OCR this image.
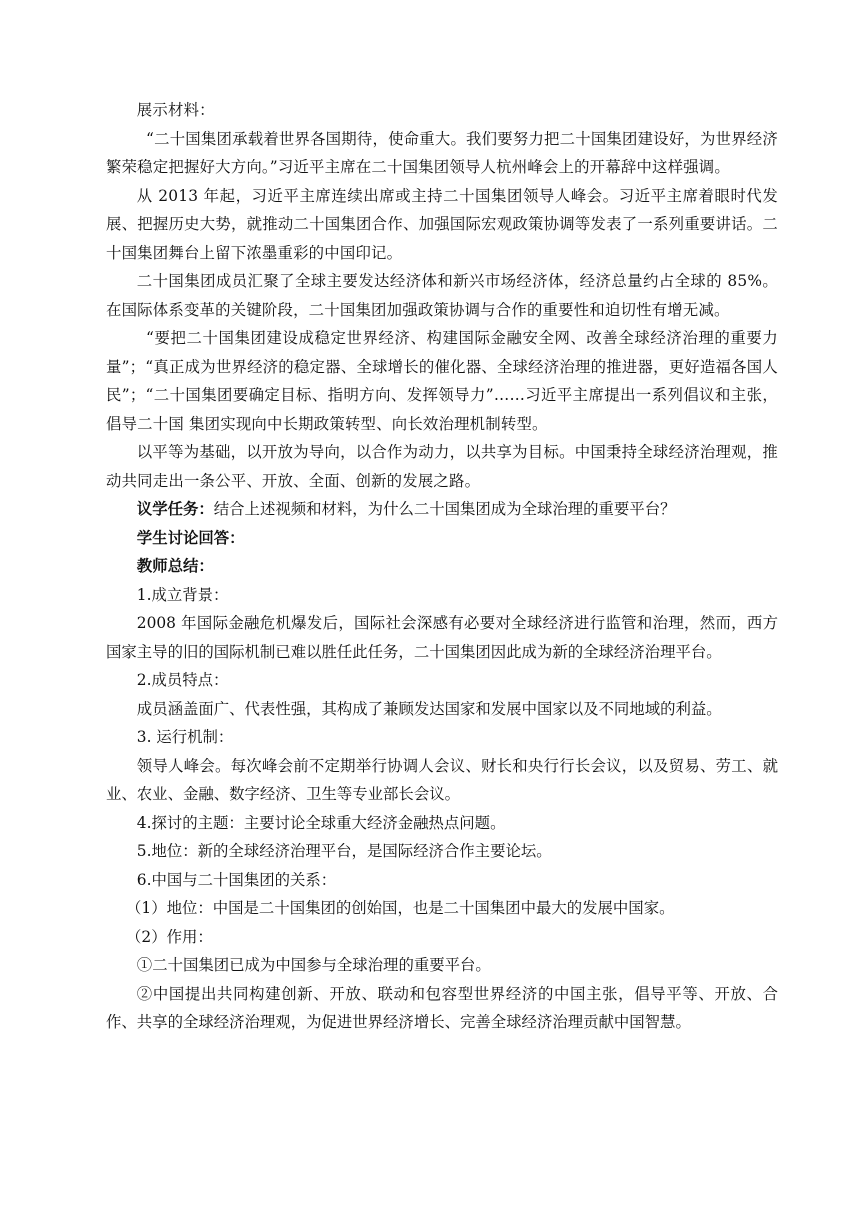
展示材料：

“二十国集团承载着世界各国期待，使命重大。我们要努力把二十国集团建设好，为世界经济繁荣稳定把握好大方向。”习近平主席在二十国集团领导人杭州峰会上的开幕辞中这样强调。

从 2013 年起，习近平主席连续出席或主持二十国集团领导人峰会。习近平主席着眼时代发展、把握历史大势，就推动二十国集团合作、加强国际宏观政策协调等发表了一系列重要讲话。二十国集团舞台上留下浓墨重彩的中国印记。

二十国集团成员汇聚了全球主要发达经济体和新兴市场经济体，经济总量约占全球的 85%。在国际体系变革的关键阶段，二十国集团加强政策协调与合作的重要性和迫切性有增无减。

“要把二十国集团建设成稳定世界经济、构建国际金融安全网、改善全球经济治理的重要力量”；“真正成为世界经济的稳定器、全球增长的催化器、全球经济治理的推进器，更好造福各国人民”；“二十国集团要确定目标、指明方向、发挥领导力”……习近平主席提出一系列倡议和主张，倡导二十国 集团实现向中长期政策转型、向长效治理机制转型。

以平等为基础，以开放为导向，以合作为动力，以共享为目标。中国秉持全球经济治理观，推动共同走出一条公平、开放、全面、创新的发展之路。

议学任务：结合上述视频和材料，为什么二十国集团成为全球治理的重要平台？

学生讨论回答：

教师总结：

1.成立背景：

2008 年国际金融危机爆发后，国际社会深感有必要对全球经济进行监管和治理，然而，西方国家主导的旧的国际机制已难以胜任此任务，二十国集团因此成为新的全球经济治理平台。

2.成员特点：

成员涵盖面广、代表性强，其构成了兼顾发达国家和发展中国家以及不同地域的利益。

3. 运行机制：

领导人峰会。每次峰会前不定期举行协调人会议、财长和央行行长会议，以及贸易、劳工、就业、农业、金融、数字经济、卫生等专业部长会议。

4.探讨的主题：主要讨论全球重大经济金融热点问题。

5.地位：新的全球经济治理平台，是国际经济合作主要论坛。

6.中国与二十国集团的关系：

（1）地位：中国是二十国集团的创始国，也是二十国集团中最大的发展中国家。

（2）作用：

①二十国集团已成为中国参与全球治理的重要平台。

②中国提出共同构建创新、开放、联动和包容型世界经济的中国主张，倡导平等、开放、合作、共享的全球经济治理观，为促进世界经济增长、完善全球经济治理贡献中国智慧。
